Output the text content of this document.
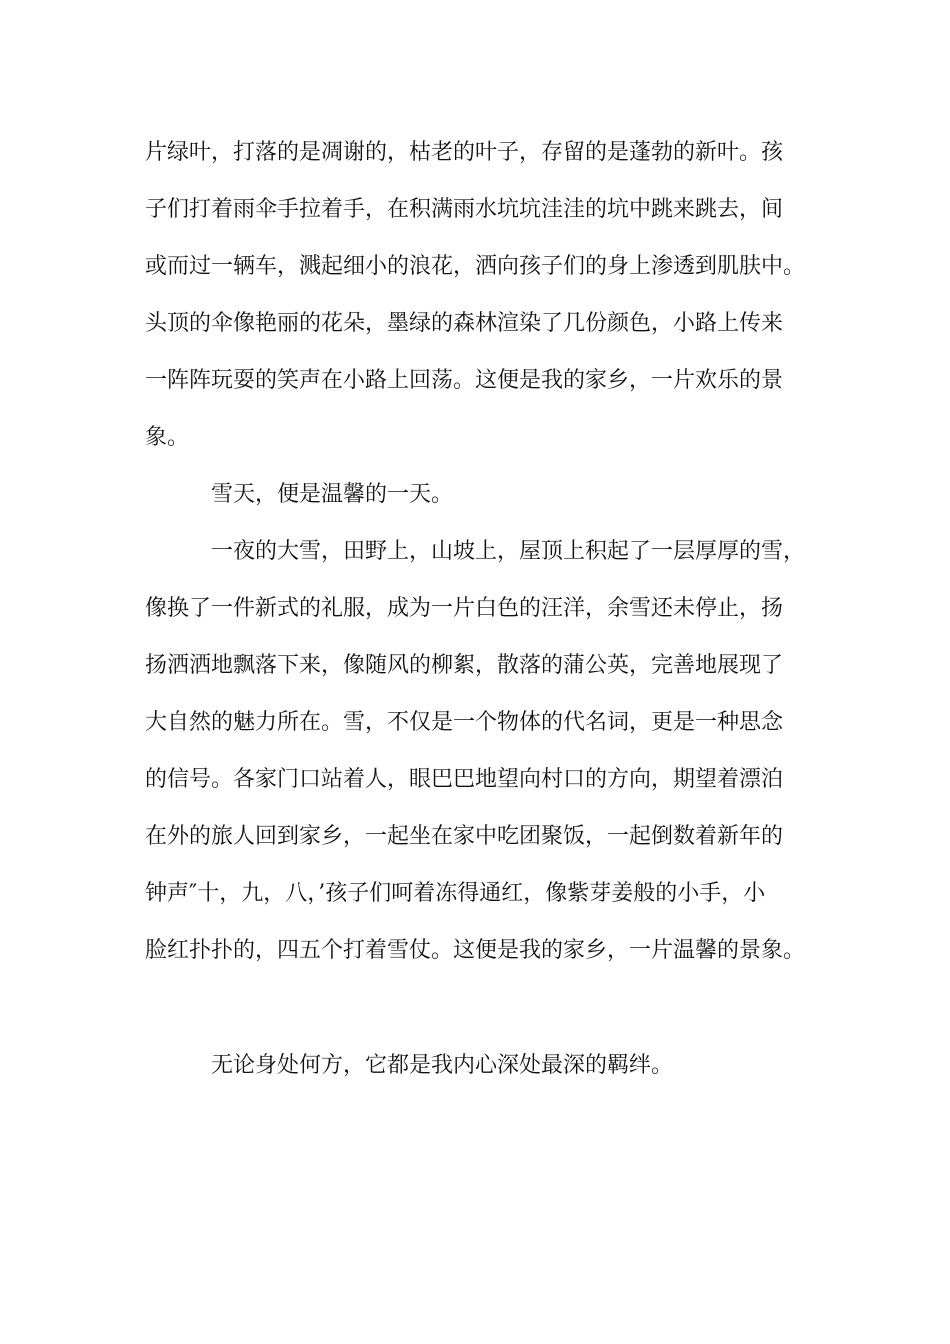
片绿叶，打落的是凋谢的，枯老的叶子，存留的是蓬勃的新叶。孩
子们打着雨伞手拉着手，在积满雨水坑坑洼洼的坑中跳来跳去，间
或而过一辆车，溅起细小的浪花，洒向孩子们的身上渗透到肌肤中。
头顶的伞像艳丽的花朵，墨绿的森林渲染了几份颜色，小路上传来
一阵阵玩耍的笑声在小路上回荡。这便是我的家乡，一片欢乐的景
象。
雪天，便是温馨的一天。
一夜的大雪，田野上，山坡上，屋顶上积起了一层厚厚的雪，
像换了一件新式的礼服，成为一片白色的汪洋，余雪还未停止，扬
扬洒洒地飘落下来，像随风的柳絮，散落的蒲公英，完善地展现了
大自然的魅力所在。雪，不仅是一个物体的代名词，更是一种思念
的信号。各家门口站着人，眼巴巴地望向村口的方向，期望着漂泊
在外的旅人回到家乡，一起坐在家中吃团聚饭，一起倒数着新年的
钟声″十，九，八，’孩子们呵着冻得通红，像紫芽姜般的小手，小
脸红扑扑的，四五个打着雪仗。这便是我的家乡，一片温馨的景象。
无论身处何方，它都是我内心深处最深的羁绊。
